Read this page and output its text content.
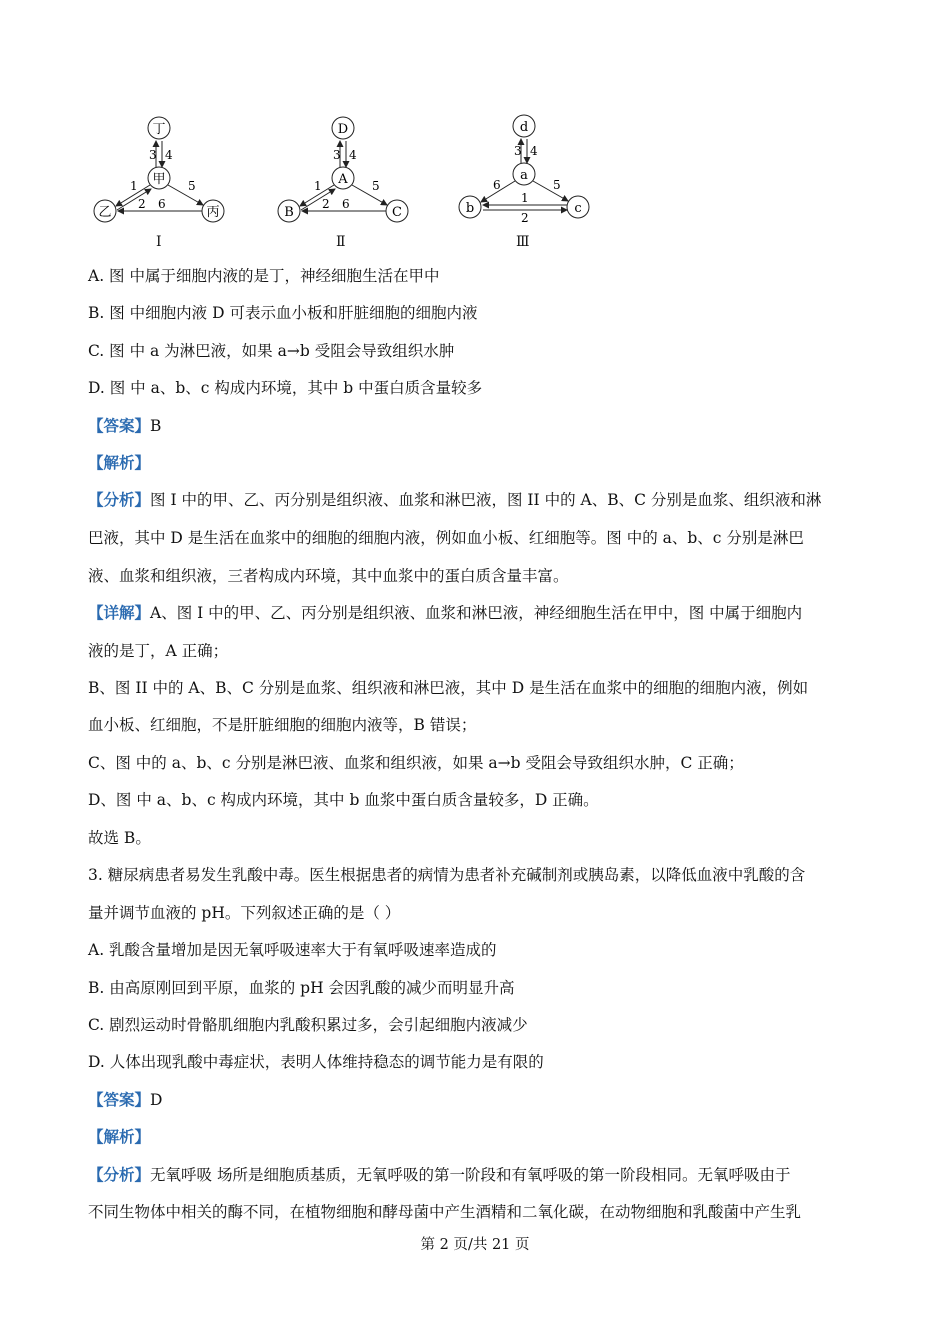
丁
甲
乙	丙
3 4
1
2
5
6
D
A
B	C
3 4
1
2
5
6
d
a
b	c
3 4
6	5
1
2
I	Ⅱ	Ⅲ
A. 图 中属于细胞内液的是丁，神经细胞生活在甲中
B. 图 中细胞内液 D 可表示血小板和肝脏细胞的细胞内液
C. 图 中 a 为淋巴液，如果 a→b 受阻会导致组织水肿
D. 图 中 a、b、c 构成内环境，其中 b 中蛋白质含量较多
【答案】B
【解析】
【分析】图 I 中的甲、乙、丙分别是组织液、血浆和淋巴液，图 II 中的 A、B、C 分别是血浆、组织液和淋
巴液，其中 D 是生活在血浆中的细胞的细胞内液，例如血小板、红细胞等。图 中的 a、b、c 分别是淋巴
液、血浆和组织液，三者构成内环境，其中血浆中的蛋白质含量丰富。
【详解】A、图 I 中的甲、乙、丙分别是组织液、血浆和淋巴液，神经细胞生活在甲中，图 中属于细胞内
液的是丁，A 正确；
B、图 II 中的 A、B、C 分别是血浆、组织液和淋巴液，其中 D 是生活在血浆中的细胞的细胞内液，例如
血小板、红细胞，不是肝脏细胞的细胞内液等，B 错误；
C、图 中的 a、b、c 分别是淋巴液、血浆和组织液，如果 a→b 受阻会导致组织水肿，C 正确；
D、图 中 a、b、c 构成内环境，其中 b 血浆中蛋白质含量较多，D 正确。
故选 B。
3. 糖尿病患者易发生乳酸中毒。医生根据患者的病情为患者补充碱制剂或胰岛素，以降低血液中乳酸的含
量并调节血液的 pH。下列叙述正确的是（ ）
A. 乳酸含量增加是因无氧呼吸速率大于有氧呼吸速率造成的
B. 由高原刚回到平原，血浆的 pH 会因乳酸的减少而明显升高
C. 剧烈运动时骨骼肌细胞内乳酸积累过多，会引起细胞内液减少
D. 人体出现乳酸中毒症状，表明人体维持稳态的调节能力是有限的
【答案】D
【解析】
【分析】无氧呼吸 场所是细胞质基质，无氧呼吸的第一阶段和有氧呼吸的第一阶段相同。无氧呼吸由于
不同生物体中相关的酶不同，在植物细胞和酵母菌中产生酒精和二氧化碳，在动物细胞和乳酸菌中产生乳
第 2 页/共 21 页
